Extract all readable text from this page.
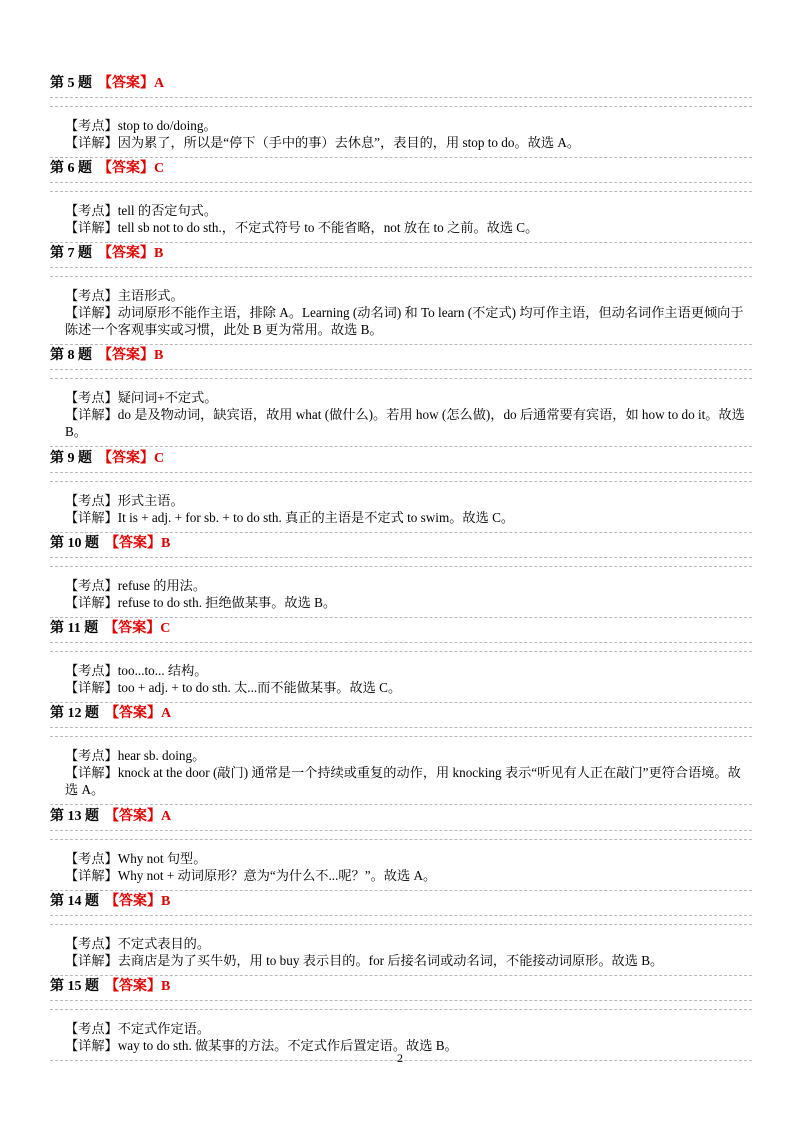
第 5 题 【答案】A
【考点】stop to do/doing。
【详解】因为累了，所以是“停下（手中的事）去休息”，表目的，用 stop to do。故选 A。
第 6 题 【答案】C
【考点】tell 的否定句式。
【详解】tell sb not to do sth.，不定式符号 to 不能省略，not 放在 to 之前。故选 C。
第 7 题 【答案】B
【考点】主语形式。
【详解】动词原形不能作主语，排除 A。Learning (动名词) 和 To learn (不定式) 均可作主语，但动名词作主语更倾向于陈述一个客观事实或习惯，此处 B 更为常用。故选 B。
第 8 题 【答案】B
【考点】疑问词+不定式。
【详解】do 是及物动词，缺宾语，故用 what (做什么)。若用 how (怎么做)，do 后通常要有宾语，如 how to do it。故选 B。
第 9 题 【答案】C
【考点】形式主语。
【详解】It is + adj. + for sb. + to do sth. 真正的主语是不定式 to swim。故选 C。
第 10 题 【答案】B
【考点】refuse 的用法。
【详解】refuse to do sth. 拒绝做某事。故选 B。
第 11 题 【答案】C
【考点】too...to... 结构。
【详解】too + adj. + to do sth. 太...而不能做某事。故选 C。
第 12 题 【答案】A
【考点】hear sb. doing。
【详解】knock at the door (敲门) 通常是一个持续或重复的动作，用 knocking 表示“听见有人正在敲门”更符合语境。故选 A。
第 13 题 【答案】A
【考点】Why not 句型。
【详解】Why not + 动词原形？意为“为什么不...呢？”。故选 A。
第 14 题 【答案】B
【考点】不定式表目的。
【详解】去商店是为了买牛奶，用 to buy 表示目的。for 后接名词或动名词，不能接动词原形。故选 B。
第 15 题 【答案】B
【考点】不定式作定语。
【详解】way to do sth. 做某事的方法。不定式作后置定语。故选 B。
2
